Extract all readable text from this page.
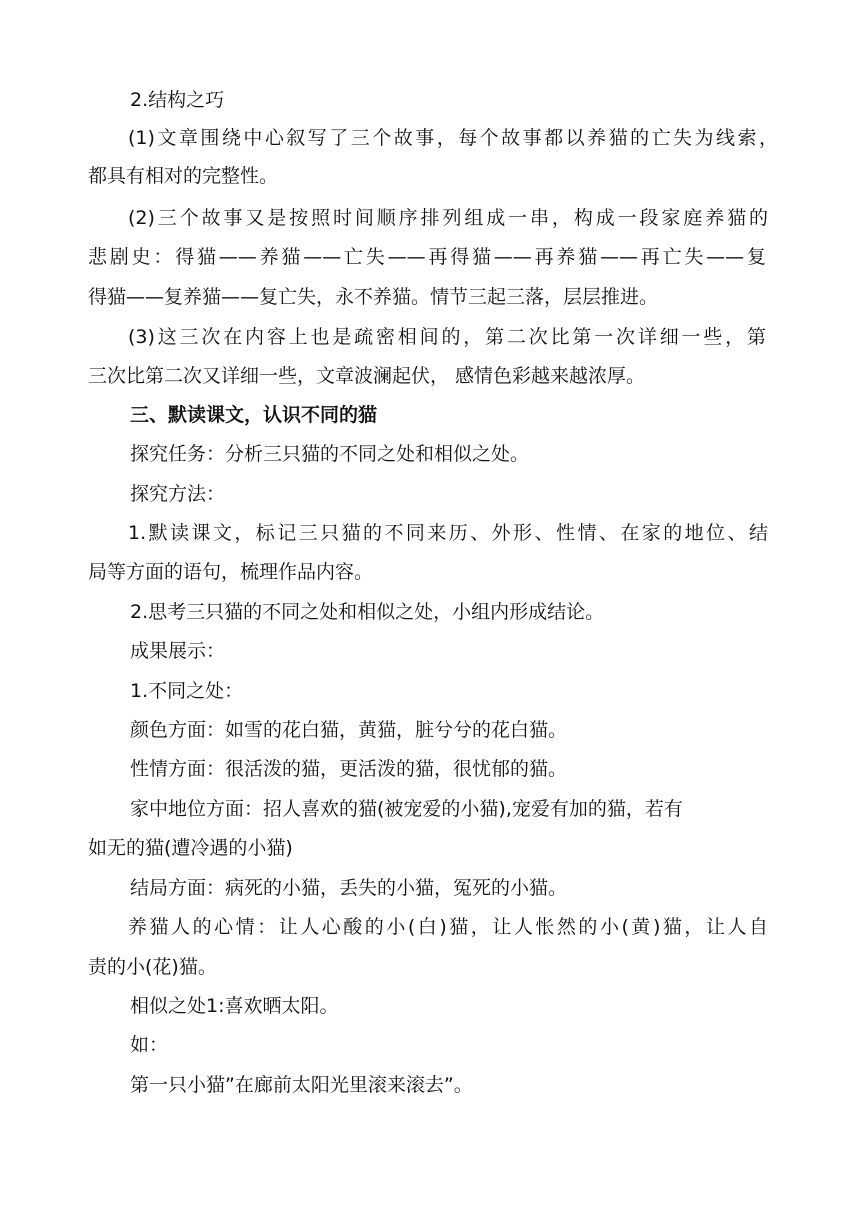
2.结构之巧
(1)文章围绕中心叙写了三个故事，每个故事都以养猫的亡失为线索，
都具有相对的完整性。
(2)三个故事又是按照时间顺序排列组成一串，构成一段家庭养猫的
悲剧史：得猫——养猫——亡失——再得猫——再养猫——再亡失——复
得猫——复养猫——复亡失，永不养猫。情节三起三落，层层推进。
(3)这三次在内容上也是疏密相间的，第二次比第一次详细一些，第
三次比第二次又详细一些，文章波澜起伏， 感情色彩越来越浓厚。
三、默读课文，认识不同的猫
探究任务：分析三只猫的不同之处和相似之处。
探究方法：
1.默读课文，标记三只猫的不同来历、外形、性情、在家的地位、结
局等方面的语句，梳理作品内容。
2.思考三只猫的不同之处和相似之处，小组内形成结论。
成果展示：
1.不同之处：
颜色方面：如雪的花白猫，黄猫，脏兮兮的花白猫。
性情方面：很活泼的猫，更活泼的猫，很忧郁的猫。
家中地位方面：招人喜欢的猫(被宠爱的小猫),宠爱有加的猫，若有
如无的猫(遭冷遇的小猫)
结局方面：病死的小猫，丢失的小猫，冤死的小猫。
养猫人的心情：让人心酸的小(白)猫，让人怅然的小(黄)猫，让人自
责的小(花)猫。
相似之处1:喜欢晒太阳。
如：
第一只小猫”在廊前太阳光里滚来滚去”。
